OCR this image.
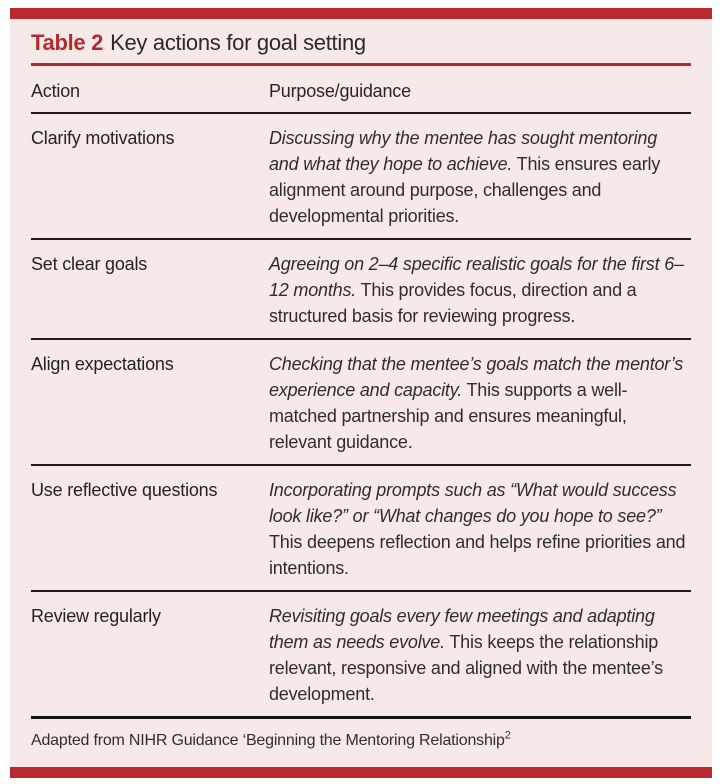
Table 2 Key actions for goal setting
Action	Purpose/guidance
Clarify motivations	Discussing why the mentee has sought mentoring and what they hope to achieve. This ensures early alignment around purpose, challenges and developmental priorities.
Set clear goals	Agreeing on 2–4 specific realistic goals for the first 6–12 months. This provides focus, direction and a structured basis for reviewing progress.
Align expectations	Checking that the mentee’s goals match the mentor’s experience and capacity. This supports a well-matched partnership and ensures meaningful, relevant guidance.
Use reflective questions	Incorporating prompts such as “What would success look like?” or “What changes do you hope to see?” This deepens reflection and helps refine priorities and intentions.
Review regularly	Revisiting goals every few meetings and adapting them as needs evolve. This keeps the relationship relevant, responsive and aligned with the mentee’s development.
Adapted from NIHR Guidance ‘Beginning the Mentoring Relationship$^2$
